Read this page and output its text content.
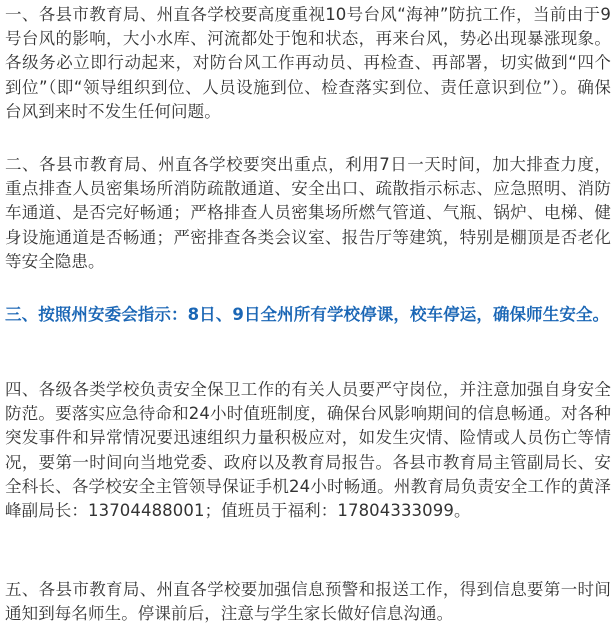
一、各县市教育局、州直各学校要高度重视10号台风“海神”防抗工作，当前由于9号台风的影响，大小水库、河流都处于饱和状态，再来台风，势必出现暴涨现象。各级务必立即行动起来，对防台风工作再动员、再检查、再部署，切实做到“四个到位”（即“领导组织到位、人员设施到位、检查落实到位、责任意识到位”）。确保台风到来时不发生任何问题。

二、各县市教育局、州直各学校要突出重点，利用7日一天时间，加大排查力度，重点排查人员密集场所消防疏散通道、安全出口、疏散指示标志、应急照明、消防车通道、是否完好畅通；严格排查人员密集场所燃气管道、气瓶、锅炉、电梯、健身设施通道是否畅通；严密排查各类会议室、报告厅等建筑，特别是棚顶是否老化等安全隐患。

三、按照州安委会指示：8日、9日全州所有学校停课，校车停运，确保师生安全。

四、各级各类学校负责安全保卫工作的有关人员要严守岗位，并注意加强自身安全防范。要落实应急待命和24小时值班制度，确保台风影响期间的信息畅通。对各种突发事件和异常情况要迅速组织力量积极应对，如发生灾情、险情或人员伤亡等情况，要第一时间向当地党委、政府以及教育局报告。各县市教育局主管副局长、安全科长、各学校安全主管领导保证手机24小时畅通。州教育局负责安全工作的黄泽峰副局长：13704488001；值班员于福利：17804333099。

五、各县市教育局、州直各学校要加强信息预警和报送工作，得到信息要第一时间通知到每名师生。停课前后，注意与学生家长做好信息沟通。
